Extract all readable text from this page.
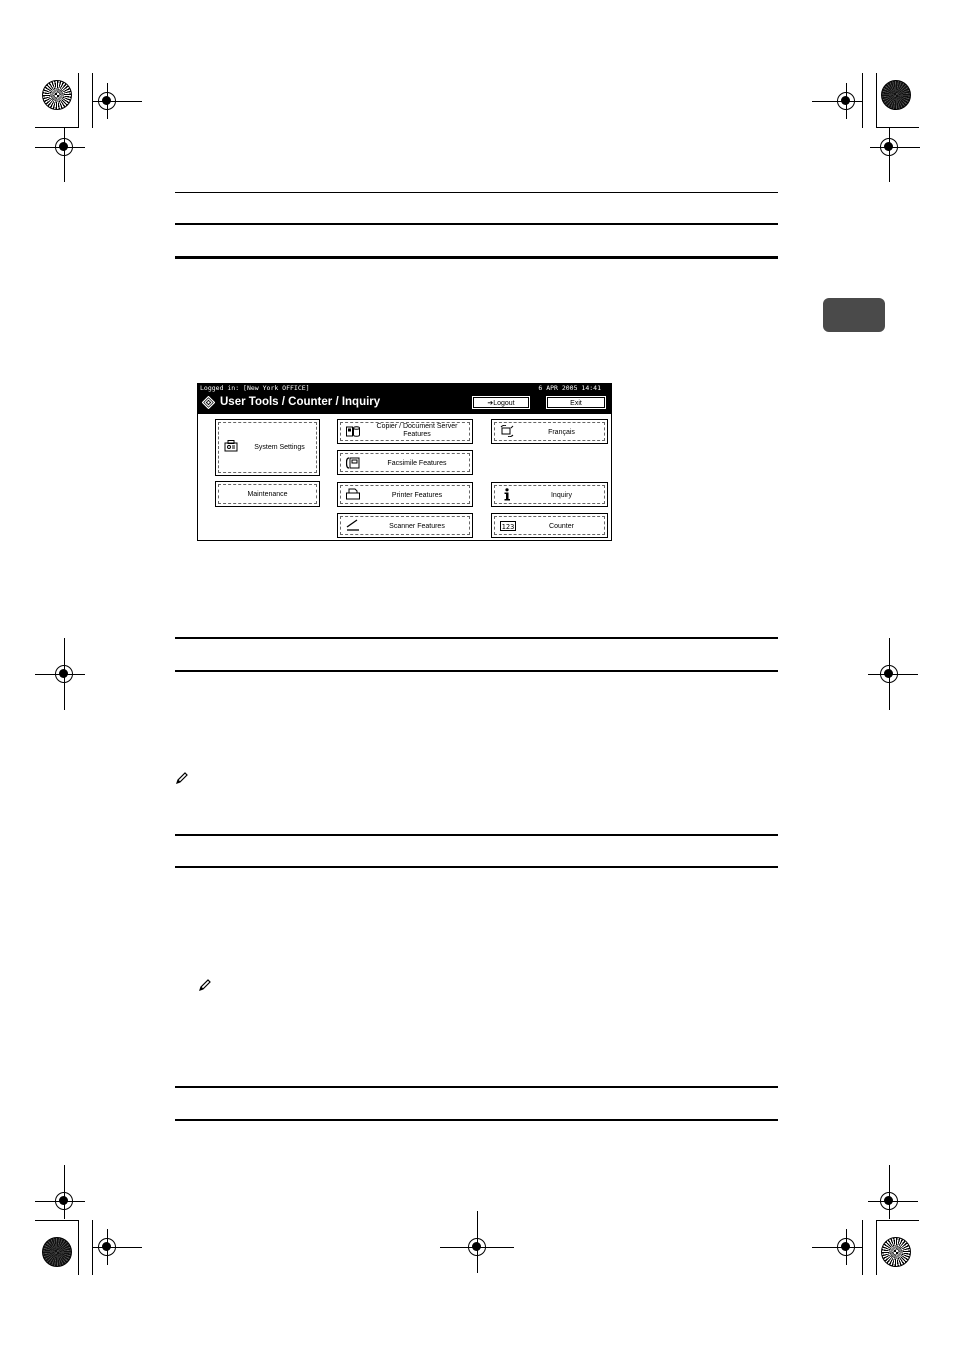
Logged in: [New York OFFICE]	6 APR 2005 14:41
User Tools / Counter / Inquiry	➔Logout	Exit
System Settings
Maintenance
Copier / Document Server
Features
Facsimile Features
Printer Features
Scanner Features
Français
Inquiry
123	Counter
